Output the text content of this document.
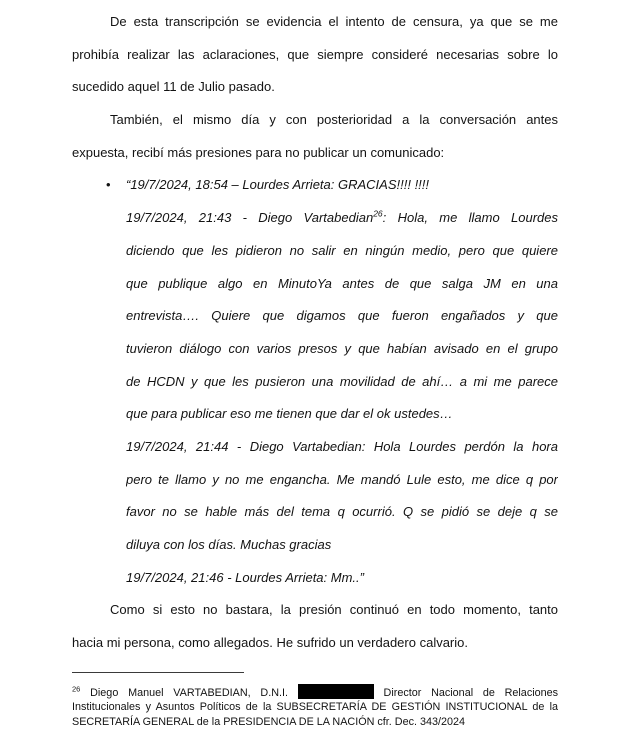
De esta transcripción se evidencia el intento de censura, ya que se me
prohibía realizar las aclaraciones, que siempre consideré necesarias sobre lo
sucedido aquel 11 de Julio pasado.
También, el mismo día y con posterioridad a la conversación antes
expuesta, recibí más presiones para no publicar un comunicado:
• “19/7/2024, 18:54 – Lourdes Arrieta: GRACIAS!!!! !!!!
19/7/2024, 21:43 - Diego Vartabedian$^{26}$: Hola, me llamo Lourdes
diciendo que les pidieron no salir en ningún medio, pero que quiere
que publique algo en MinutoYa antes de que salga JM en una
entrevista…. Quiere que digamos que fueron engañados y que
tuvieron diálogo con varios presos y que habían avisado en el grupo
de HCDN y que les pusieron una movilidad de ahí… a mi me parece
que para publicar eso me tienen que dar el ok ustedes…
19/7/2024, 21:44 - Diego Vartabedian: Hola Lourdes perdón la hora
pero te llamo y no me engancha. Me mandó Lule esto, me dice q por
favor no se hable más del tema q ocurrió. Q se pidió se deje q se
diluya con los días. Muchas gracias
19/7/2024, 21:46 - Lourdes Arrieta: Mm..”
Como si esto no bastara, la presión continuó en todo momento, tanto
hacia mi persona, como allegados. He sufrido un verdadero calvario.
$^{26}$ Diego Manuel VARTABEDIAN, D.N.I.	Director Nacional de Relaciones
Institucionales y Asuntos Políticos de la SUBSECRETARÍA DE GESTIÓN INSTITUCIONAL de la
SECRETARÍA GENERAL de la PRESIDENCIA DE LA NACIÓN cfr. Dec. 343/2024
